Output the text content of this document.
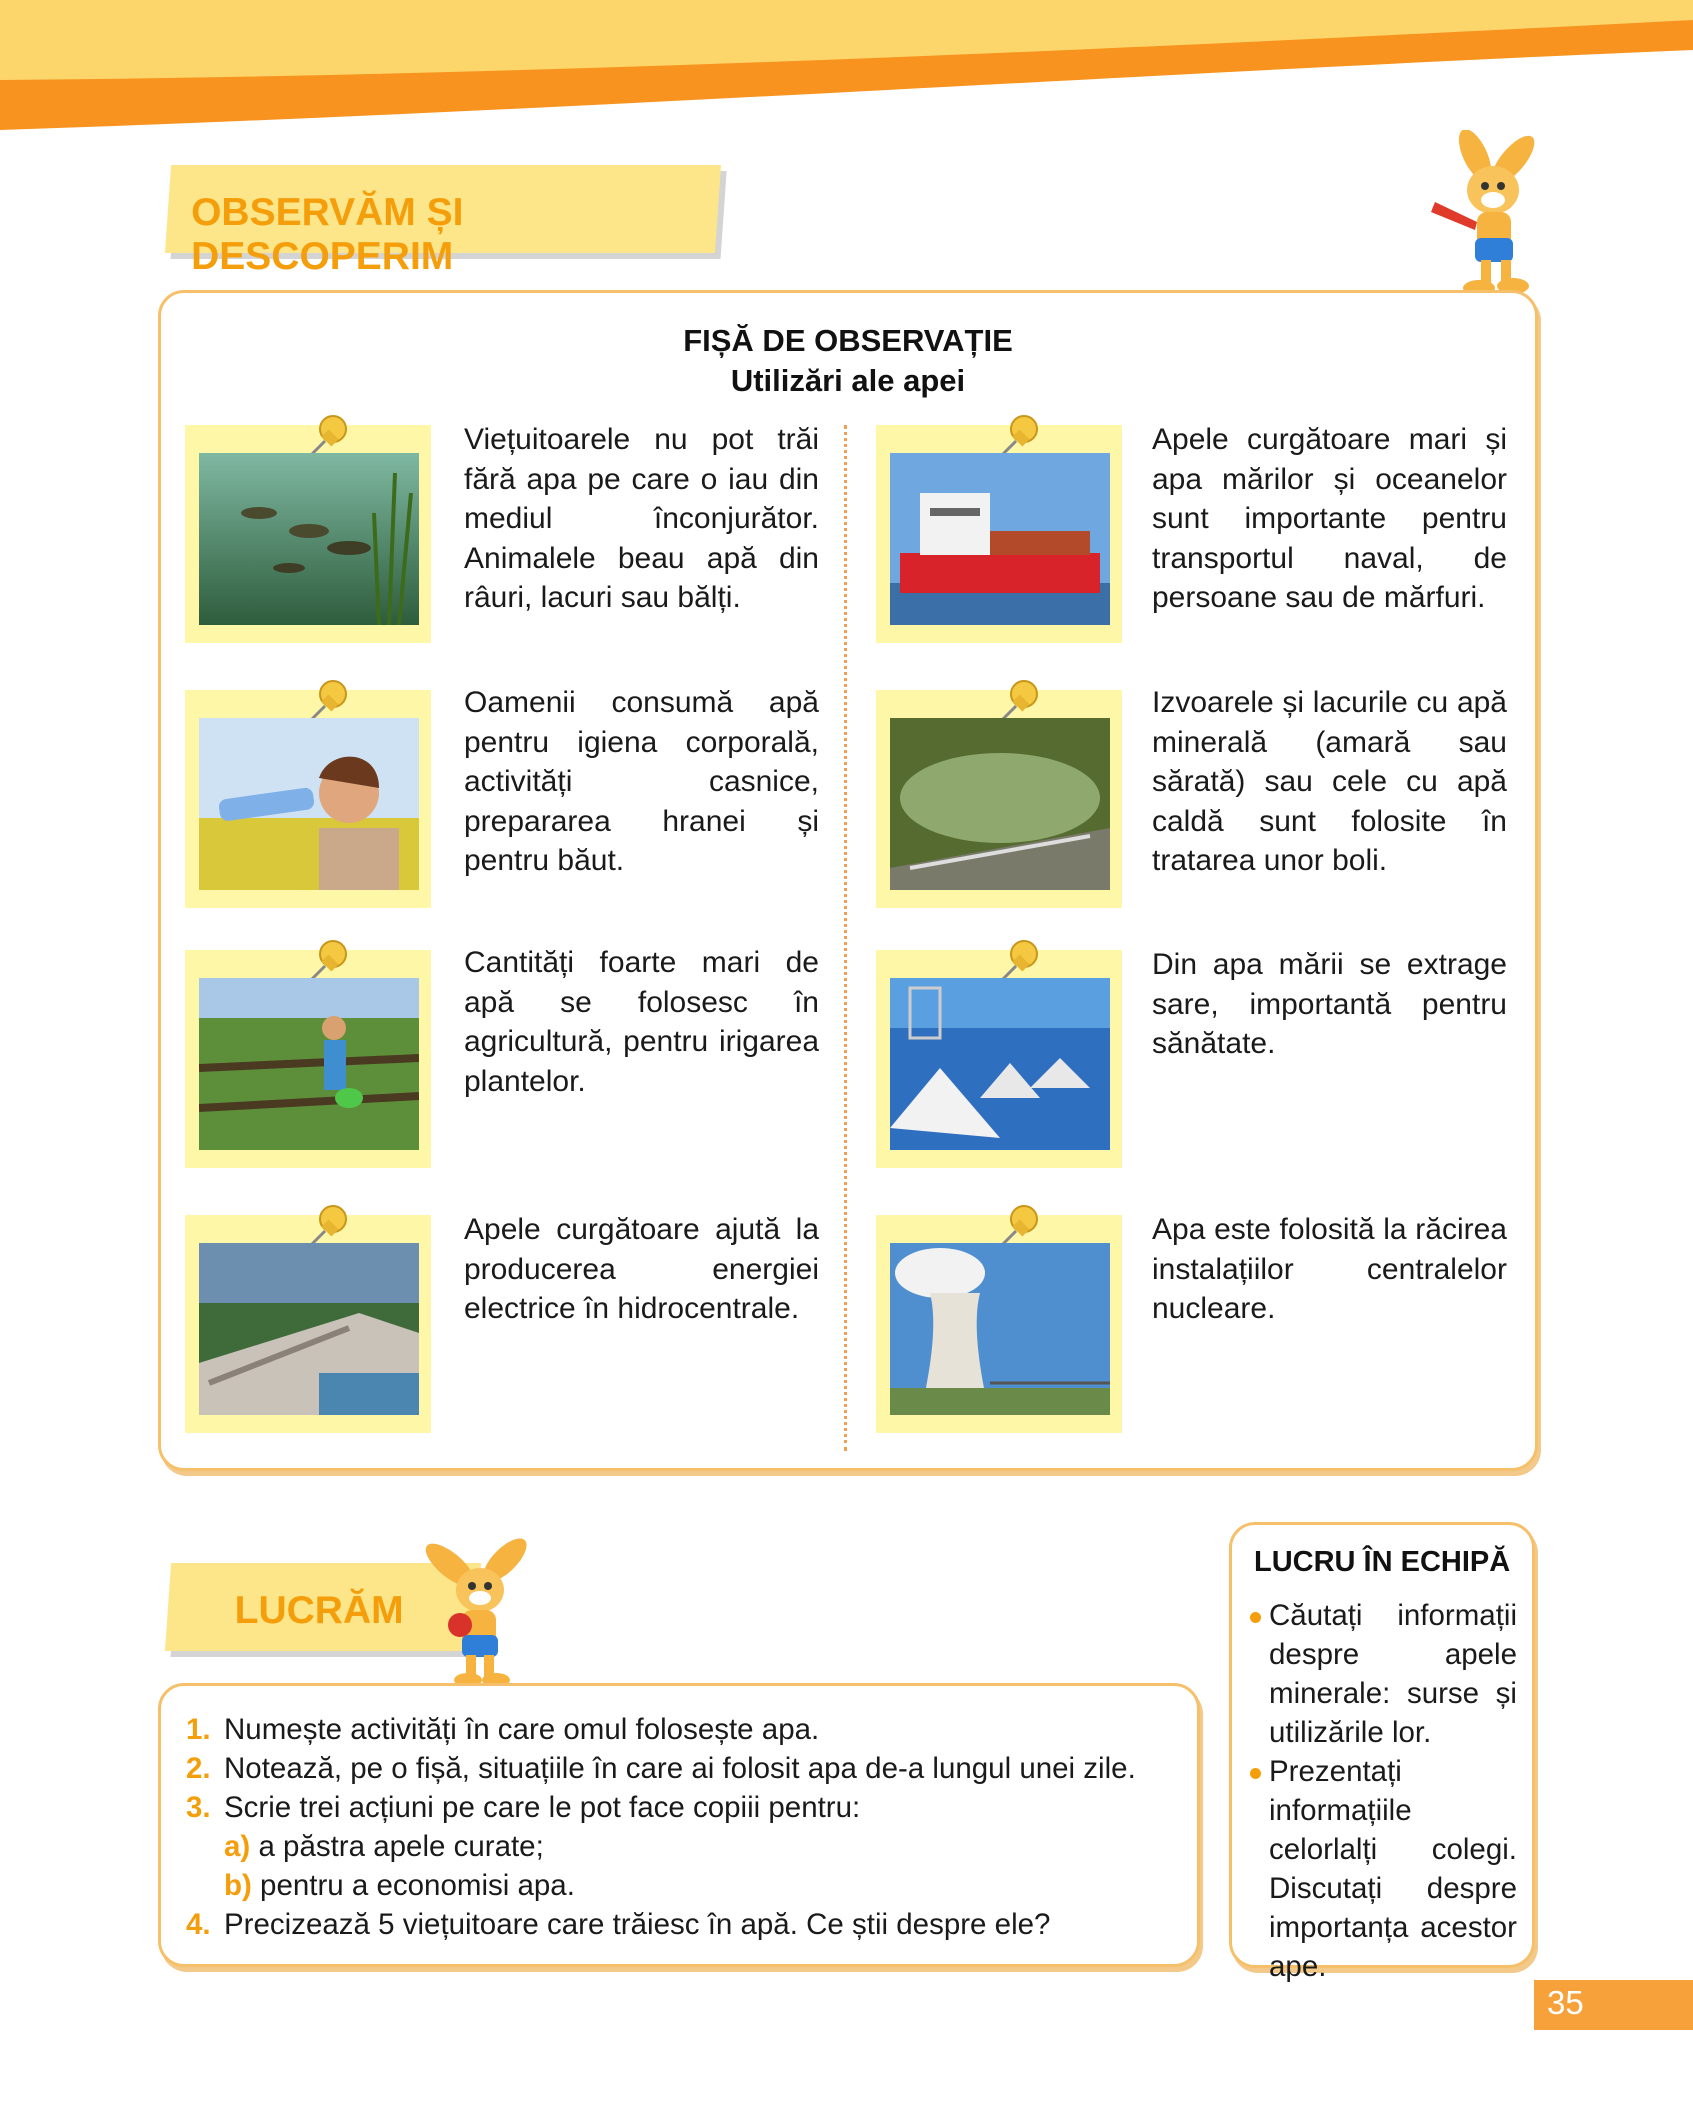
OBSERVĂM ȘI DESCOPERIM
FIȘĂ DE OBSERVAȚIE
Utilizări ale apei
Viețuitoarele nu pot trăi fără apa pe care o iau din mediul înconjurător. Animalele beau apă din râuri, lacuri sau bălți.
Apele curgătoare mari și apa mărilor și oceanelor sunt importante pentru transportul naval, de persoane sau de mărfuri.
Oamenii consumă apă pentru igiena corporală, activități casnice, prepararea hranei și pentru băut.
Izvoarele și lacurile cu apă minerală (amară sau sărată) sau cele cu apă caldă sunt folosite în tratarea unor boli.
Cantități foarte mari de apă se folosesc în agricultură, pentru irigarea plantelor.
Din apa mării se extrage sare, importantă pentru sănătate.
Apele curgătoare ajută la producerea energiei electrice în hidrocentrale.
Apa este folosită la răcirea instalațiilor centralelor nucleare.
LUCRĂM
1. Numește activități în care omul folosește apa.
2. Notează, pe o fișă, situațiile în care ai folosit apa de-a lungul unei zile.
3. Scrie trei acțiuni pe care le pot face copiii pentru:
a) a păstra apele curate;
b) pentru a economisi apa.
4. Precizează 5 viețuitoare care trăiesc în apă. Ce știi despre ele?
LUCRU ÎN ECHIPĂ
Căutați informații despre apele minerale: surse și utilizările lor.
Prezentați informațiile celorlalți colegi. Discutați despre importanța acestor ape.
35
